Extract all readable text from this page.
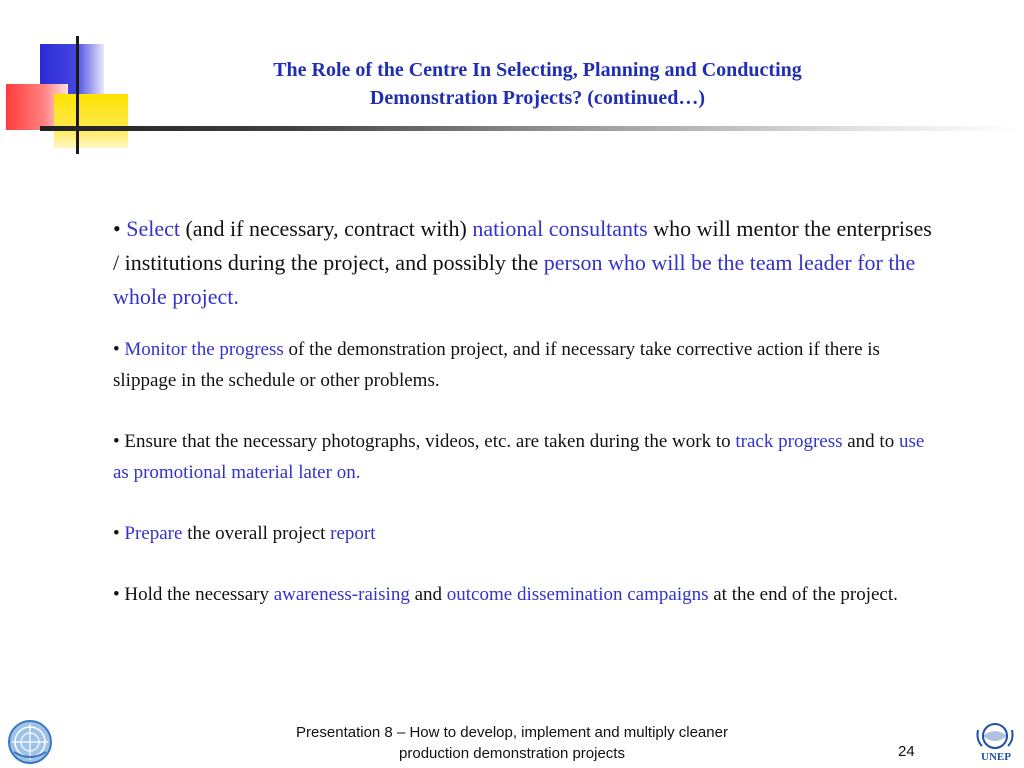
The Role of the Centre In Selecting, Planning and Conducting
Demonstration Projects? (continued…)

• Select (and if necessary, contract with) national consultants who will mentor the enterprises / institutions during the project, and possibly the person who will be the team leader for the whole project.

• Monitor the progress of the demonstration project, and if necessary take corrective action if there is slippage in the schedule or other problems.

• Ensure that the necessary photographs, videos, etc. are taken during the work to track progress and to use as promotional material later on.

• Prepare the overall project report

• Hold the necessary awareness-raising and outcome dissemination campaigns at the end of the project.

Presentation 8 – How to develop, implement and multiply cleaner
production demonstration projects	24	UNEP
